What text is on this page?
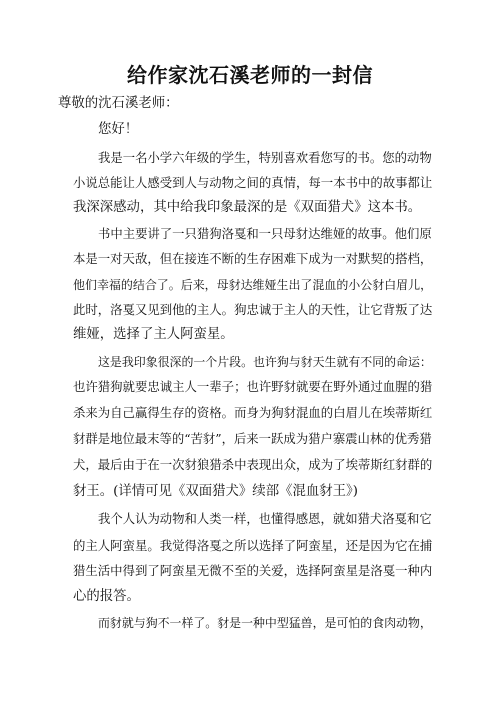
给作家沈石溪老师的一封信
尊敬的沈石溪老师：
您好！
我是一名小学六年级的学生，特别喜欢看您写的书。您的动物
小说总能让人感受到人与动物之间的真情，每一本书中的故事都让
我深深感动，其中给我印象最深的是《双面猎犬》这本书。
书中主要讲了一只猎狗洛戛和一只母豺达维娅的故事。他们原
本是一对天敌，但在接连不断的生存困难下成为一对默契的搭档，
他们幸福的结合了。后来，母豺达维娅生出了混血的小公豺白眉儿，
此时，洛戛又见到他的主人。狗忠诚于主人的天性，让它背叛了达
维娅，选择了主人阿蛮星。
这是我印象很深的一个片段。也许狗与豺天生就有不同的命运：
也许猎狗就要忠诚主人一辈子；也许野豺就要在野外通过血腥的猎
杀来为自己赢得生存的资格。而身为狗豺混血的白眉儿在埃蒂斯红
豺群是地位最末等的“苦豺”，后来一跃成为猎户寨震山林的优秀猎
犬，最后由于在一次豺狼猎杀中表现出众，成为了埃蒂斯红豺群的
豺王。(详情可见《双面猎犬》续部《混血豺王》)
我个人认为动物和人类一样，也懂得感恩，就如猎犬洛戛和它
的主人阿蛮星。我觉得洛戛之所以选择了阿蛮星，还是因为它在捕
猎生活中得到了阿蛮星无微不至的关爱，选择阿蛮星是洛戛一种内
心的报答。
而豺就与狗不一样了。豺是一种中型猛兽，是可怕的食肉动物，
